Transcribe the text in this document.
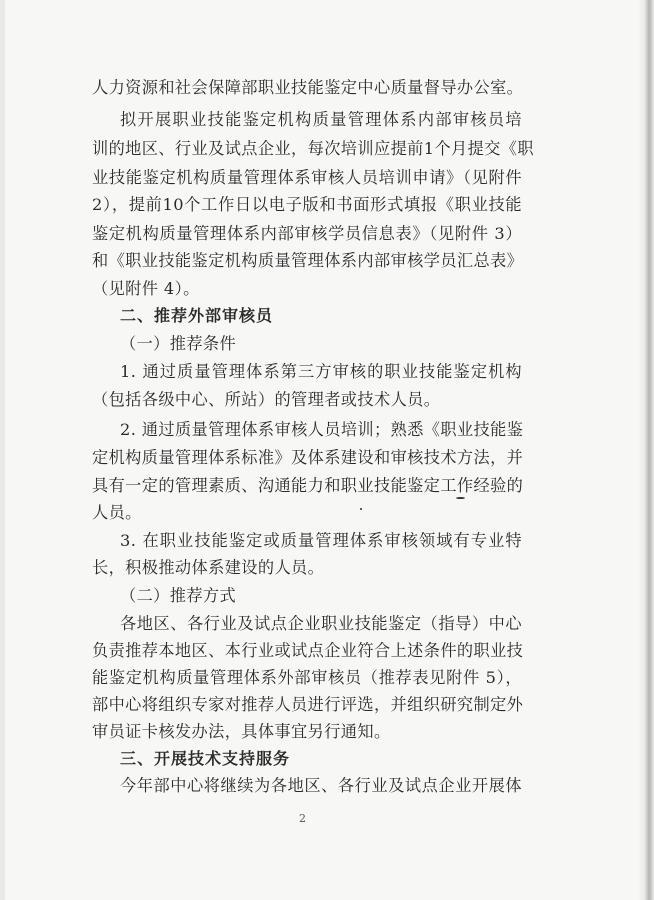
人力资源和社会保障部职业技能鉴定中心质量督导办公室。
拟开展职业技能鉴定机构质量管理体系内部审核员培
训的地区、行业及试点企业，每次培训应提前1个月提交《职
业技能鉴定机构质量管理体系审核人员培训申请》（见附件
2），提前10个工作日以电子版和书面形式填报《职业技能
鉴定机构质量管理体系内部审核学员信息表》（见附件 3）
和《职业技能鉴定机构质量管理体系内部审核学员汇总表》
（见附件 4）。
二、推荐外部审核员
（一）推荐条件
1. 通过质量管理体系第三方审核的职业技能鉴定机构
（包括各级中心、所站）的管理者或技术人员。
2. 通过质量管理体系审核人员培训；熟悉《职业技能鉴
定机构质量管理体系标准》及体系建设和审核技术方法，并
具有一定的管理素质、沟通能力和职业技能鉴定工作经验的
人员。
3. 在职业技能鉴定或质量管理体系审核领域有专业特
长，积极推动体系建设的人员。
（二）推荐方式
各地区、各行业及试点企业职业技能鉴定（指导）中心
负责推荐本地区、本行业或试点企业符合上述条件的职业技
能鉴定机构质量管理体系外部审核员（推荐表见附件 5），
部中心将组织专家对推荐人员进行评选，并组织研究制定外
审员证卡核发办法，具体事宜另行通知。
三、开展技术支持服务
今年部中心将继续为各地区、各行业及试点企业开展体
2
